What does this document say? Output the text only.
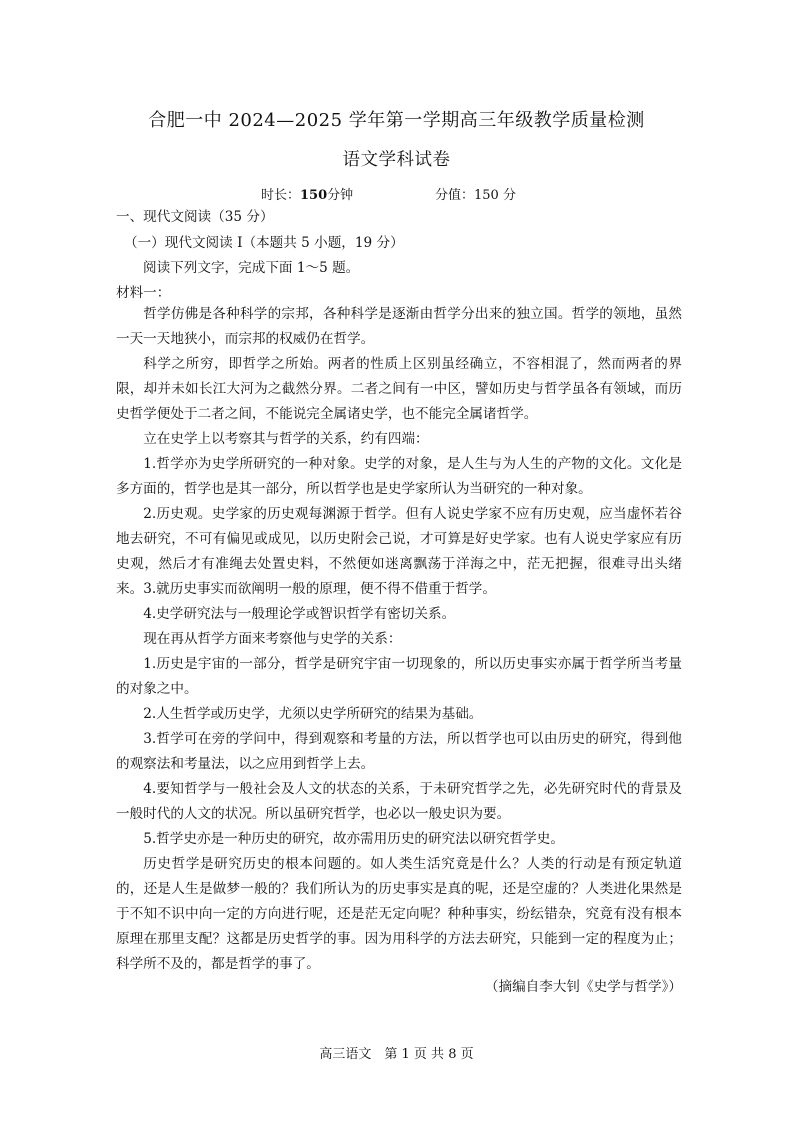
合肥一中 2024—2025 学年第一学期高三年级教学质量检测
语文学科试卷
时长：150分钟	分值：150 分
一、现代文阅读（35 分）
（一）现代文阅读 I（本题共 5 小题，19 分）
阅读下列文字，完成下面 1～5 题。
材料一：
哲学仿佛是各种科学的宗邦，各种科学是逐渐由哲学分出来的独立国。哲学的领地，虽然一天一天地狭小，而宗邦的权威仍在哲学。
科学之所穷，即哲学之所始。两者的性质上区别虽经确立，不容相混了，然而两者的界限，却并未如长江大河为之截然分界。二者之间有一中区，譬如历史与哲学虽各有领域，而历史哲学便处于二者之间，不能说完全属诸史学，也不能完全属诸哲学。
立在史学上以考察其与哲学的关系，约有四端：
1.哲学亦为史学所研究的一种对象。史学的对象，是人生与为人生的产物的文化。文化是多方面的，哲学也是其一部分，所以哲学也是史学家所认为当研究的一种对象。
2.历史观。史学家的历史观每渊源于哲学。但有人说史学家不应有历史观，应当虚怀若谷地去研究，不可有偏见或成见，以历史附会己说，才可算是好史学家。也有人说史学家应有历史观，然后才有准绳去处置史料，不然便如迷离飘荡于洋海之中，茫无把握，很难寻出头绪来。 3.就历史事实而欲阐明一般的原理，便不得不借重于哲学。
4.史学研究法与一般理论学或智识哲学有密切关系。
现在再从哲学方面来考察他与史学的关系：
1.历史是宇宙的一部分，哲学是研究宇宙一切现象的，所以历史事实亦属于哲学所当考量的对象之中。
2.人生哲学或历史学，尤须以史学所研究的结果为基础。
3.哲学可在旁的学问中，得到观察和考量的方法，所以哲学也可以由历史的研究，得到他的观察法和考量法，以之应用到哲学上去。
4.要知哲学与一般社会及人文的状态的关系，于未研究哲学之先，必先研究时代的背景及一般时代的人文的状况。所以虽研究哲学，也必以一般史识为要。
5.哲学史亦是一种历史的研究，故亦需用历史的研究法以研究哲学史。
历史哲学是研究历史的根本问题的。如人类生活究竟是什么？人类的行动是有预定轨道的，还是人生是做梦一般的？我们所认为的历史事实是真的呢，还是空虚的？人类进化果然是于不知不识中向一定的方向进行呢，还是茫无定向呢？种种事实，纷纭错杂，究竟有没有根本原理在那里支配？这都是历史哲学的事。因为用科学的方法去研究，只能到一定的程度为止；科学所不及的，都是哲学的事了。
（摘编自李大钊《史学与哲学》）
高三语文　第 1 页 共 8 页
